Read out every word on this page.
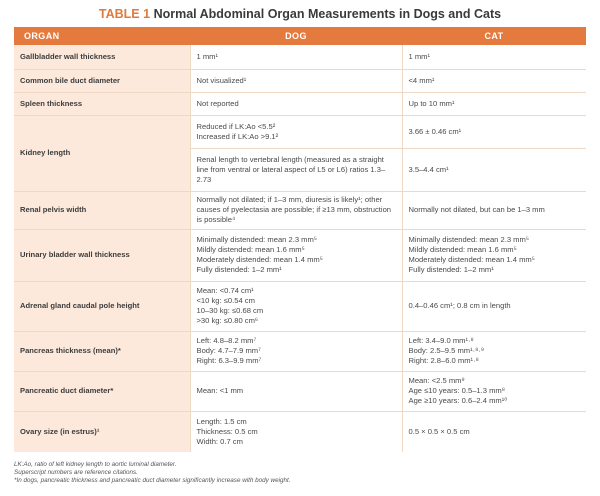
TABLE 1 Normal Abdominal Organ Measurements in Dogs and Cats
ORGAN	DOG	CAT
Gallbladder wall thickness	1 mm¹	1 mm¹
Common bile duct diameter	Not visualized¹	<4 mm¹
Spleen thickness	Not reported	Up to 10 mm¹
Kidney length	Reduced if LK:Ao <5.5²
Increased if LK:Ao >9.1²	3.66 ± 0.46 cm¹
	Renal length to vertebral length (measured as a straight line from ventral or lateral aspect of L5 or L6) ratios 1.3–2.73	3.5–4.4 cm¹
Renal pelvis width	Normally not dilated; if 1–3 mm, diuresis is likely¹; other causes of pyelectasia are possible; if ≥13 mm, obstruction is possible⁴	Normally not dilated, but can be 1–3 mm
Urinary bladder wall thickness	Minimally distended: mean 2.3 mm⁵
Mildly distended: mean 1.6 mm⁵
Moderately distended: mean 1.4 mm⁵
Fully distended: 1–2 mm¹	Minimally distended: mean 2.3 mm⁵
Mildly distended: mean 1.6 mm⁵
Moderately distended: mean 1.4 mm⁵
Fully distended: 1–2 mm¹
Adrenal gland caudal pole height	Mean: <0.74 cm¹
<10 kg: ≤0.54 cm
10–30 kg: ≤0.68 cm
>30 kg: ≤0.80 cm⁶	0.4–0.46 cm¹; 0.8 cm in length
Pancreas thickness (mean)*	Left: 4.8–8.2 mm⁷
Body: 4.7–7.9 mm⁷
Right: 6.3–9.9 mm⁷	Left: 3.4–9.0 mm¹·⁸
Body: 2.5–9.5 mm¹·⁸·⁹
Right: 2.8–6.0 mm¹·⁸
Pancreatic duct diameter*	Mean: <1 mm	Mean: <2.5 mm⁹
Age ≤10 years: 0.5–1.3 mm⁸
Age ≥10 years: 0.6–2.4 mm¹⁰
Ovary size (in estrus)¹	Length: 1.5 cm
Thickness: 0.5 cm
Width: 0.7 cm	0.5 × 0.5 × 0.5 cm
LK:Ao, ratio of left kidney length to aortic luminal diameter.
Superscript numbers are reference citations.
*In dogs, pancreatic thickness and pancreatic duct diameter significantly increase with body weight.
